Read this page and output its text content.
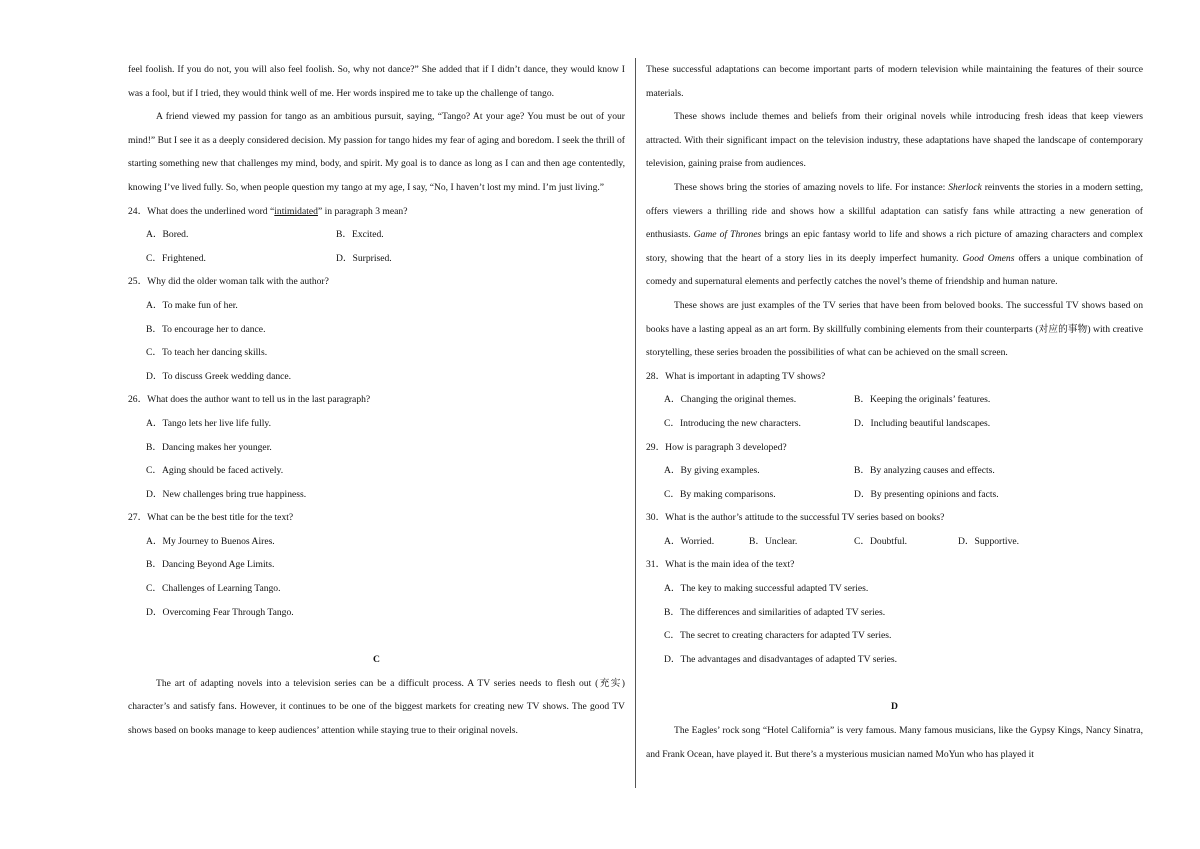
feel foolish. If you do not, you will also feel foolish. So, why not dance?” She added that if I didn’t dance, they would know I was a fool, but if I tried, they would think well of me. Her words inspired me to take up the challenge of tango.

A friend viewed my passion for tango as an ambitious pursuit, saying, “Tango? At your age? You must be out of your mind!” But I see it as a deeply considered decision. My passion for tango hides my fear of aging and boredom. I seek the thrill of starting something new that challenges my mind, body, and spirit. My goal is to dance as long as I can and then age contentedly, knowing I’ve lived fully. So, when people question my tango at my age, I say, “No, I haven’t lost my mind. I’m just living.”

24．What does the underlined word “intimidated” in paragraph 3 mean?

A．Bored.	B．Excited.
C．Frightened.	D．Surprised.

25．Why did the older woman talk with the author?

A．To make fun of her.
B．To encourage her to dance.
C．To teach her dancing skills.
D．To discuss Greek wedding dance.

26．What does the author want to tell us in the last paragraph?

A．Tango lets her live life fully.
B．Dancing makes her younger.
C．Aging should be faced actively.
D．New challenges bring true happiness.

27．What can be the best title for the text?

A．My Journey to Buenos Aires.
B．Dancing Beyond Age Limits.
C．Challenges of Learning Tango.
D．Overcoming Fear Through Tango.

C

The art of adapting novels into a television series can be a difficult process. A TV series needs to flesh out (充实) character’s and satisfy fans. However, it continues to be one of the biggest markets for creating new TV shows. The good TV shows based on books manage to keep audiences’ attention while staying true to their original novels.

These successful adaptations can become important parts of modern television while maintaining the features of their source materials.

These shows include themes and beliefs from their original novels while introducing fresh ideas that keep viewers attracted. With their significant impact on the television industry, these adaptations have shaped the landscape of contemporary television, gaining praise from audiences.

These shows bring the stories of amazing novels to life. For instance: Sherlock reinvents the stories in a modern setting, offers viewers a thrilling ride and shows how a skillful adaptation can satisfy fans while attracting a new generation of enthusiasts. Game of Thrones brings an epic fantasy world to life and shows a rich picture of amazing characters and complex story, showing that the heart of a story lies in its deeply imperfect humanity. Good Omens offers a unique combination of comedy and supernatural elements and perfectly catches the novel’s theme of friendship and human nature.

These shows are just examples of the TV series that have been from beloved books. The successful TV shows based on books have a lasting appeal as an art form. By skillfully combining elements from their counterparts (对应的事物) with creative storytelling, these series broaden the possibilities of what can be achieved on the small screen.

28．What is important in adapting TV shows?

A．Changing the original themes.	B．Keeping the originals’ features.
C．Introducing the new characters.	D．Including beautiful landscapes.

29．How is paragraph 3 developed?

A．By giving examples.	B．By analyzing causes and effects.
C．By making comparisons.	D．By presenting opinions and facts.

30．What is the author’s attitude to the successful TV series based on books?

A．Worried.	B．Unclear.	C．Doubtful.	D．Supportive.

31．What is the main idea of the text?

A．The key to making successful adapted TV series.
B．The differences and similarities of adapted TV series.
C．The secret to creating characters for adapted TV series.
D．The advantages and disadvantages of adapted TV series.

D

The Eagles’ rock song “Hotel California” is very famous. Many famous musicians, like the Gypsy Kings, Nancy Sinatra, and Frank Ocean, have played it. But there’s a mysterious musician named MoYun who has played it
